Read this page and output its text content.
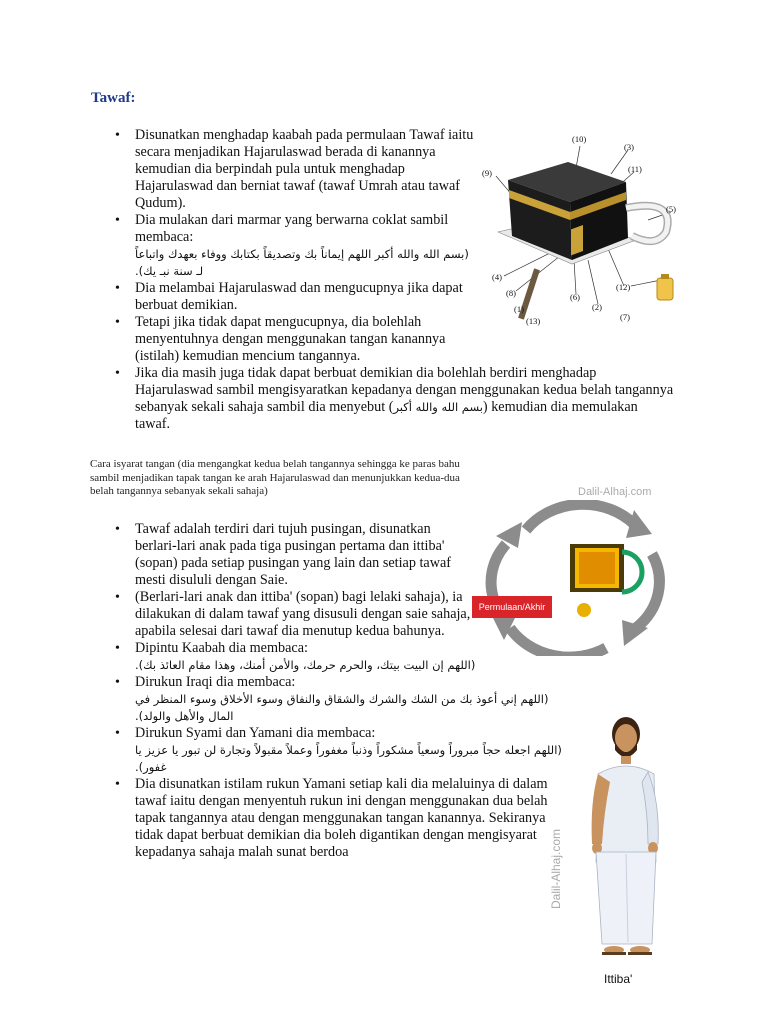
Tawaf:
• Disunatkan menghadap kaabah pada permulaan Tawaf iaitu secara menjadikan Hajarulaswad berada di kanannya kemudian dia berpindah pula untuk menghadap Hajarulaswad dan berniat tawaf (tawaf Umrah atau tawaf Qudum).
• Dia mulakan dari marmar yang berwarna coklat sambil membaca:
(بسم الله والله أكبر اللهم إيماناً بك وتصديقاً بكتابك ووفاء بعهدك واتباعاً لـ سنة نبـ يك).
• Dia melambai Hajarulaswad dan mengucupnya jika dapat berbuat demikian.
• Tetapi jika tidak dapat mengucupnya, dia bolehlah menyentuhnya dengan menggunakan tangan kanannya (istilah) kemudian mencium tangannya.
• Jika dia masih juga tidak dapat berbuat demikian dia bolehlah berdiri menghadap Hajarulaswad sambil mengisyaratkan kepadanya dengan menggunakan kedua belah tangannya sebanyak sekali sahaja sambil dia menyebut (بسم الله والله أكبر) kemudian dia memulakan tawaf.
(10)
(3)
(9)	(11)
(5)
(4)
(8)	(6)
(2)
(12)
(1)
(13)	(7)
Cara isyarat tangan (dia mengangkat kedua belah tangannya sehingga ke paras bahu sambil menjadikan tapak tangan ke arah Hajarulaswad dan menunjukkan kedua-dua belah tangannya sebanyak sekali sahaja)	Dalil-Alhaj.com
Permulaan/Akhir
• Tawaf adalah terdiri dari tujuh pusingan, disunatkan berlari-lari anak pada tiga pusingan pertama dan ittiba' (sopan) pada setiap pusingan yang lain dan setiap tawaf mesti disululi dengan Saie.
• (Berlari-lari anak dan ittiba' (sopan) bagi lelaki sahaja), ia dilakukan di dalam tawaf yang disusuli dengan saie sahaja, apabila selesai dari tawaf dia menutup kedua bahunya.
• Dipintu Kaabah dia membaca:
(اللهم إن البيت بيتك، والحرم حرمك، والأمن أمنك، وهذا مقام العائذ بك).
• Dirukun Iraqi dia membaca:
(اللهم إني أعوذ بك من الشك والشرك والشقاق والنفاق وسوء الأخلاق وسوء المنظر في المال والأهل والولد).
• Dirukun Syami dan Yamani dia membaca:
(اللهم اجعله حجاً مبروراً وسعياً مشكوراً وذنباً مغفوراً وعملاً مقبولاً وتجارة لن تبور يا عزيز يا غفور).
• Dia disunatkan istilam rukun Yamani setiap kali dia melaluinya di dalam tawaf iaitu dengan menyentuh rukun ini dengan menggunakan dua belah tapak tangannya atau dengan menggunakan tangan kanannya. Sekiranya tidak dapat berbuat demikian dia boleh digantikan dengan mengisyarat kepadanya sahaja malah sunat berdoa	Dalil-Alhaj.com
Ittiba'
